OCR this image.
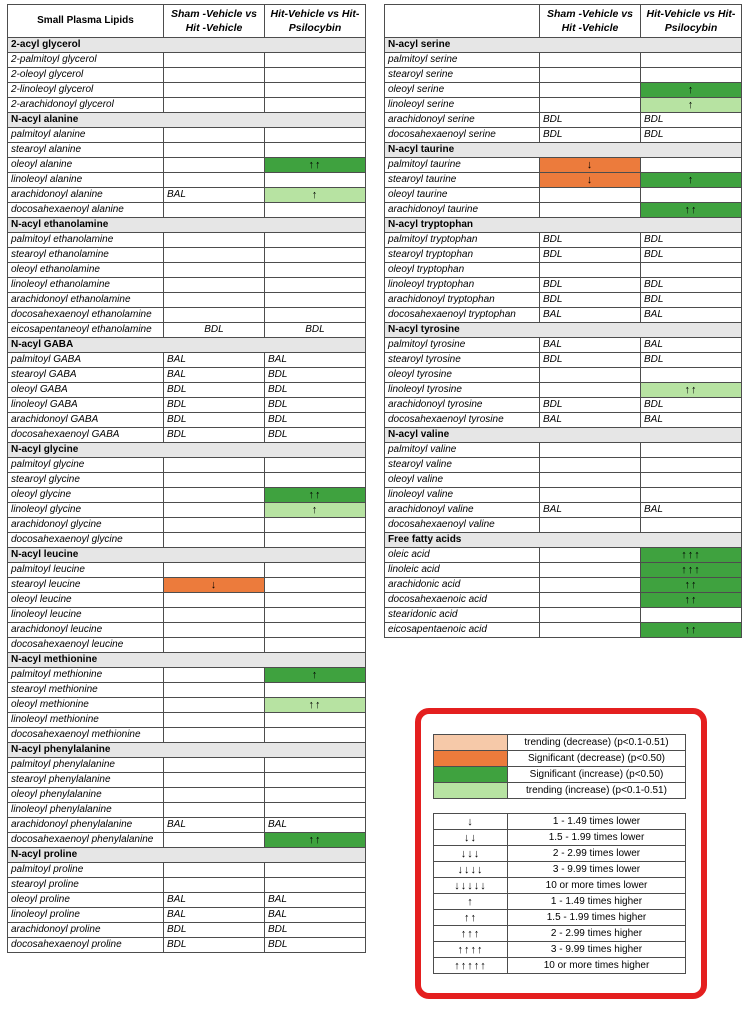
Small Plasma Lipids	Sham -Vehicle vs Hit -Vehicle	Hit-Vehicle vs Hit-Psilocybin
2-acyl glycerol		
2-palmitoyl glycerol		
2-oleoyl glycerol		
2-linoleoyl glycerol		
2-arachidonoyl glycerol		
N-acyl alanine		
palmitoyl alanine		
stearoyl alanine		
oleoyl alanine		↑↑
linoleoyl alanine		
arachidonoyl alanine	BAL	↑
docosahexaenoyl alanine		
N-acyl ethanolamine		
palmitoyl ethanolamine		
stearoyl ethanolamine		
oleoyl ethanolamine		
linoleoyl ethanolamine		
arachidonoyl ethanolamine		
docosahexaenoyl ethanolamine		
eicosapentaneoyl ethanolamine	BDL	BDL
N-acyl GABA		
palmitoyl GABA	BAL	BAL
stearoyl GABA	BAL	BDL
oleoyl GABA	BDL	BDL
linoleoyl GABA	BDL	BDL
arachidonoyl GABA	BDL	BDL
docosahexaenoyl GABA	BDL	BDL
N-acyl glycine		
palmitoyl glycine		
stearoyl glycine		
oleoyl glycine		↑↑
linoleoyl glycine		↑
arachidonoyl glycine		
docosahexaenoyl glycine		
N-acyl leucine		
palmitoyl leucine		
stearoyl leucine	↓	
oleoyl leucine		
linoleoyl leucine		
arachidonoyl leucine		
docosahexaenoyl leucine		
N-acyl methionine		
palmitoyl methionine		↑
stearoyl methionine		
oleoyl methionine		↑↑
linoleoyl methionine		
docosahexaenoyl methionine		
N-acyl phenylalanine		
palmitoyl phenylalanine		
stearoyl phenylalanine		
oleoyl phenylalanine		
linoleoyl phenylalanine		
arachidonoyl phenylalanine	BAL	BAL
docosahexaenoyl phenylalanine		↑↑
N-acyl proline		
palmitoyl proline		
stearoyl proline		
oleoyl proline	BAL	BAL
linoleoyl proline	BAL	BAL
arachidonoyl proline	BDL	BDL
docosahexaenoyl proline	BDL	BDL
	Sham -Vehicle vs Hit -Vehicle	Hit-Vehicle vs Hit-Psilocybin
N-acyl serine		
palmitoyl serine		
stearoyl serine		
oleoyl serine		↑
linoleoyl serine		↑
arachidonoyl serine	BDL	BDL
docosahexaenoyl serine	BDL	BDL
N-acyl taurine		
palmitoyl taurine	↓	
stearoyl taurine	↓	↑
oleoyl taurine		
arachidonoyl taurine		↑↑
N-acyl tryptophan		
palmitoyl tryptophan	BDL	BDL
stearoyl tryptophan	BDL	BDL
oleoyl tryptophan		
linoleoyl tryptophan	BDL	BDL
arachidonoyl tryptophan	BDL	BDL
docosahexaenoyl tryptophan	BAL	BAL
N-acyl tyrosine		
palmitoyl tyrosine	BAL	BAL
stearoyl tyrosine	BDL	BDL
oleoyl tyrosine		
linoleoyl tyrosine		↑↑
arachidonoyl tyrosine	BDL	BDL
docosahexaenoyl tyrosine	BAL	BAL
N-acyl valine		
palmitoyl valine		
stearoyl valine		
oleoyl valine		
linoleoyl valine		
arachidonoyl valine	BAL	BAL
docosahexaenoyl valine		
Free fatty acids		
oleic acid		↑↑↑
linoleic acid		↑↑↑
arachidonic acid		↑↑
docosahexaenoic acid		↑↑
stearidonic acid		
eicosapentaenoic acid		↑↑
	trending (decrease) (p<0.1-0.51)
	Significant (decrease) (p<0.50)
	Significant (increase) (p<0.50)
	trending (increase) (p<0.1-0.51)

↓	1 - 1.49 times lower
↓↓	1.5 - 1.99 times lower
↓↓↓	2 - 2.99 times lower
↓↓↓↓	3 - 9.99 times lower
↓↓↓↓↓	10 or more times lower
↑	1 - 1.49 times higher
↑↑	1.5 - 1.99 times higher
↑↑↑	2 - 2.99 times higher
↑↑↑↑	3 - 9.99 times higher
↑↑↑↑↑	10 or more times higher
